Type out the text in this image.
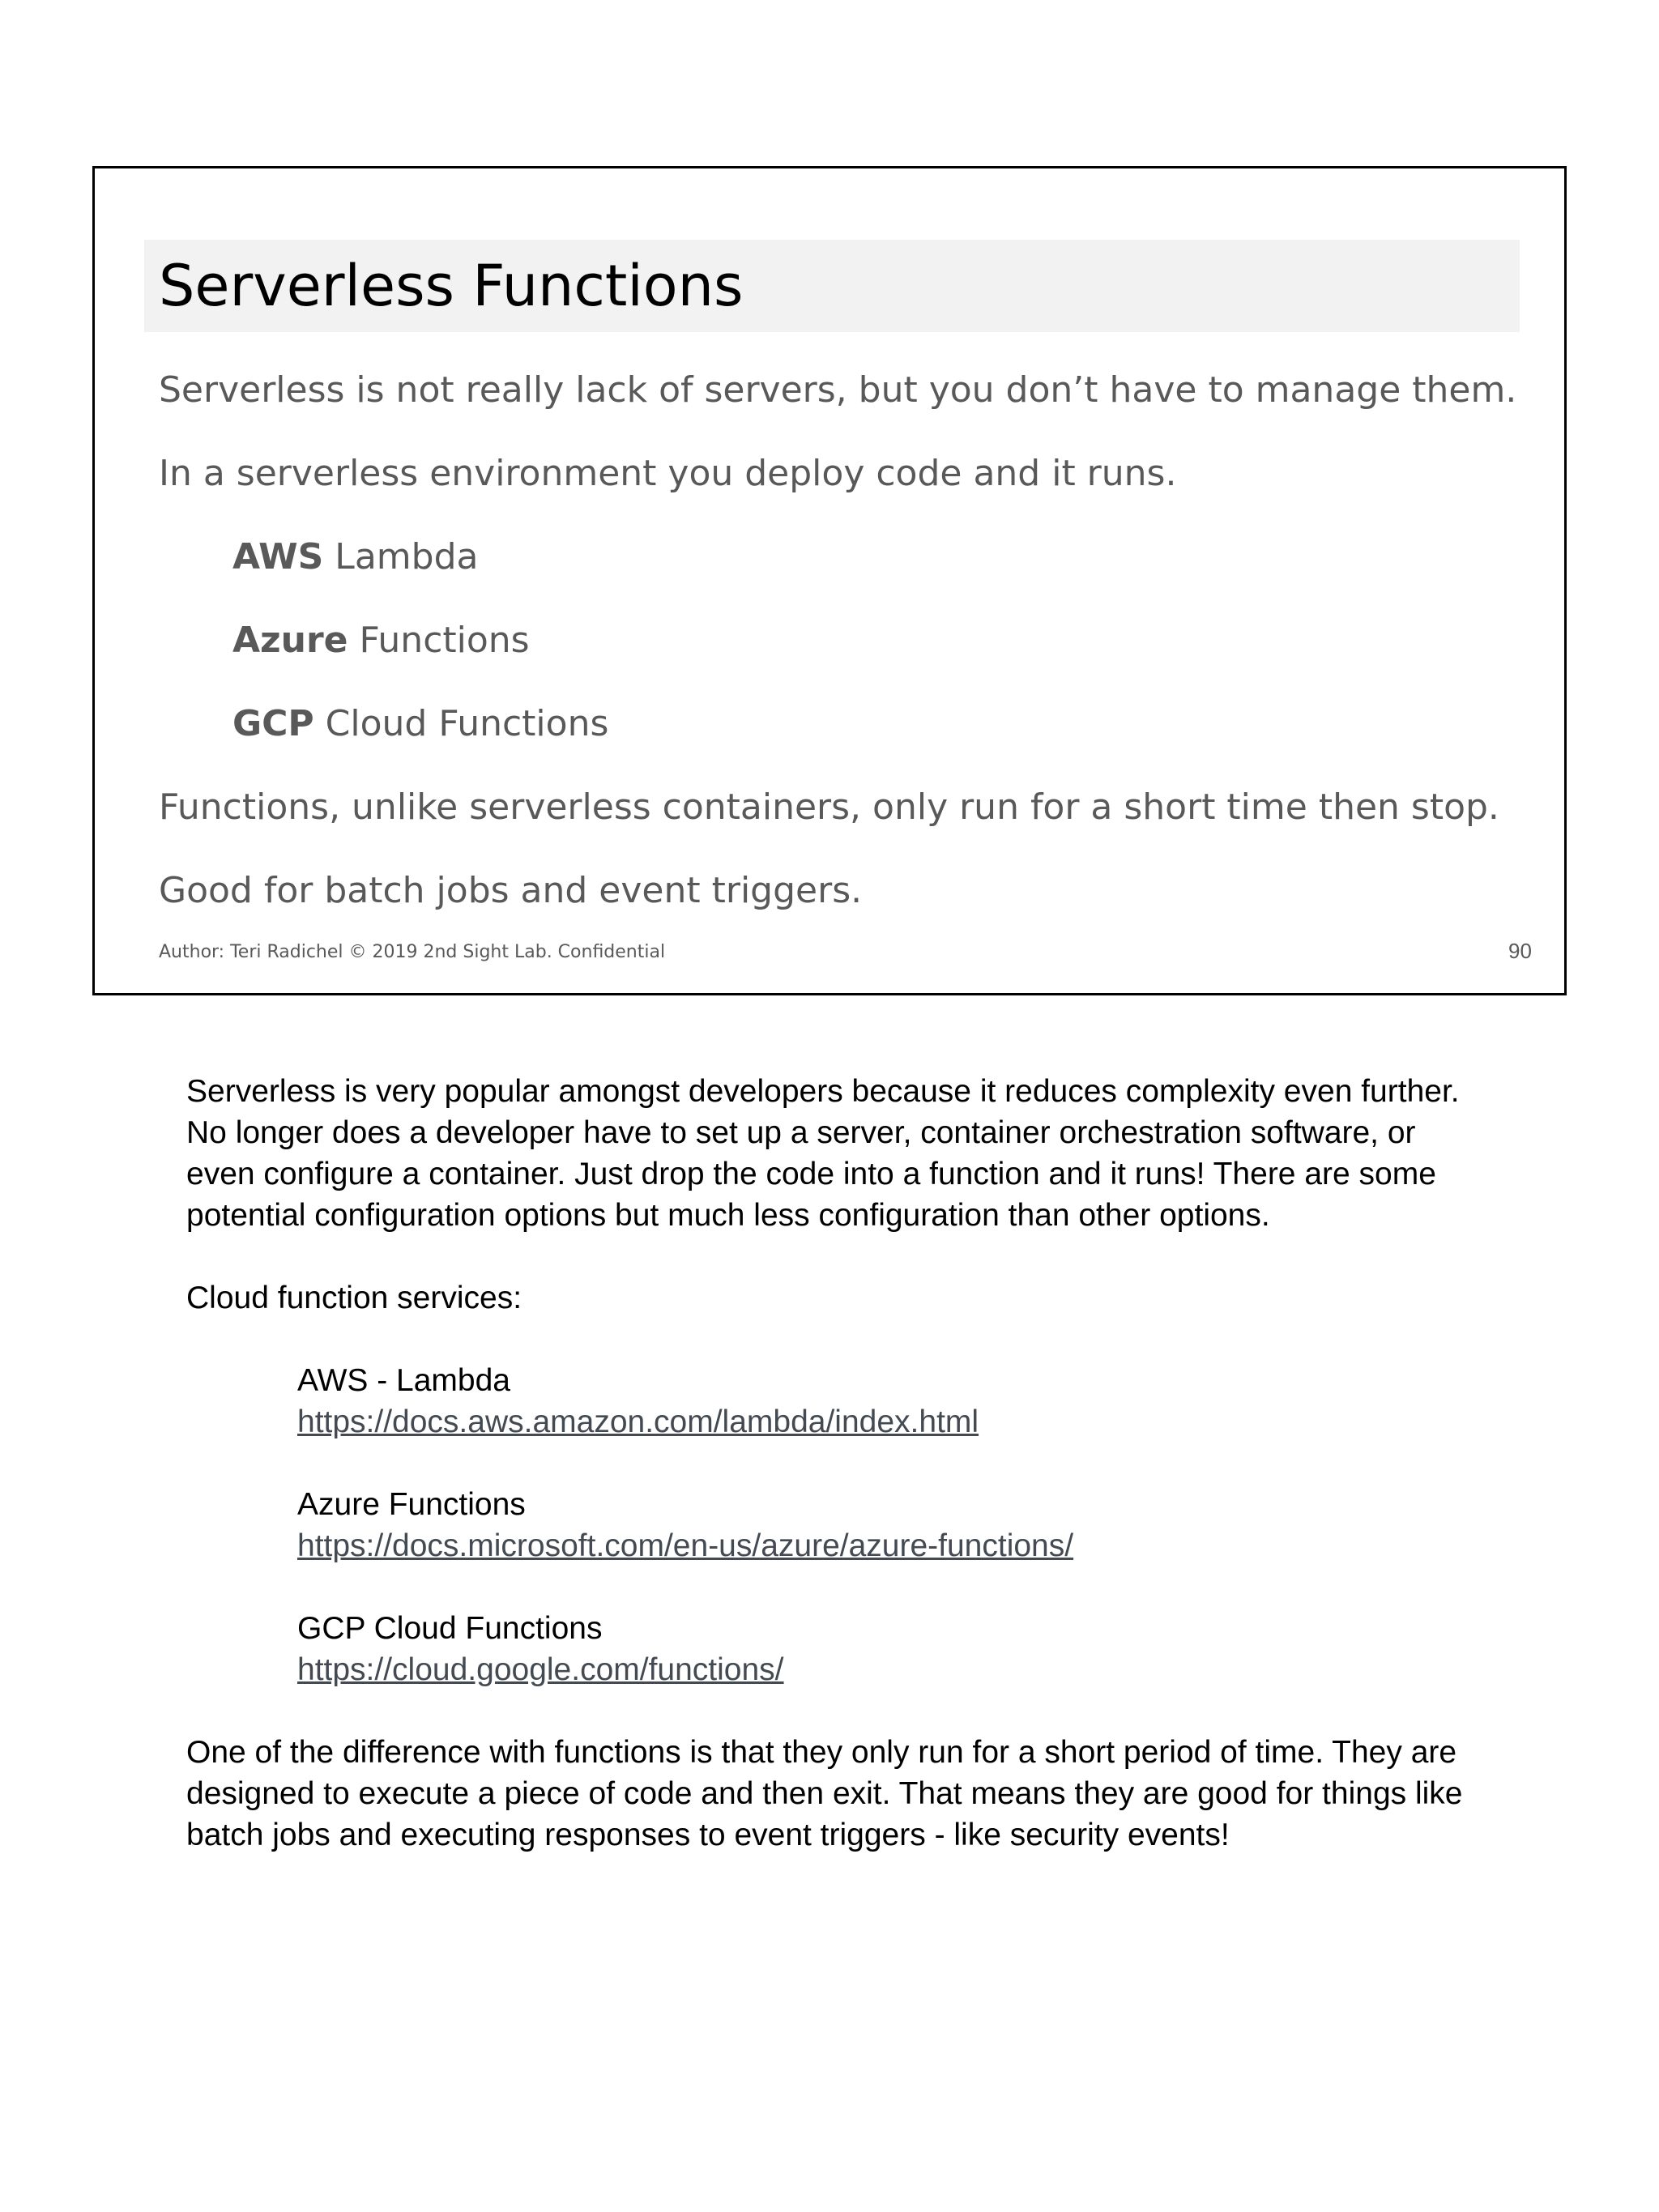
Serverless Functions

Serverless is not really lack of servers, but you don’t have to manage them.

In a serverless environment you deploy code and it runs.

AWS Lambda

Azure Functions

GCP Cloud Functions

Functions, unlike serverless containers, only run for a short time then stop.

Good for batch jobs and event triggers.

Author: Teri Radichel © 2019 2nd Sight Lab. Confidential	90

Serverless is very popular amongst developers because it reduces complexity even further. No longer does a developer have to set up a server, container orchestration software, or even configure a container. Just drop the code into a function and it runs! There are some potential configuration options but much less configuration than other options.

Cloud function services:

AWS - Lambda

https://docs.aws.amazon.com/lambda/index.html

Azure Functions

https://docs.microsoft.com/en-us/azure/azure-functions/

GCP Cloud Functions

https://cloud.google.com/functions/

One of the difference with functions is that they only run for a short period of time. They are designed to execute a piece of code and then exit. That means they are good for things like batch jobs and executing responses to event triggers - like security events!
